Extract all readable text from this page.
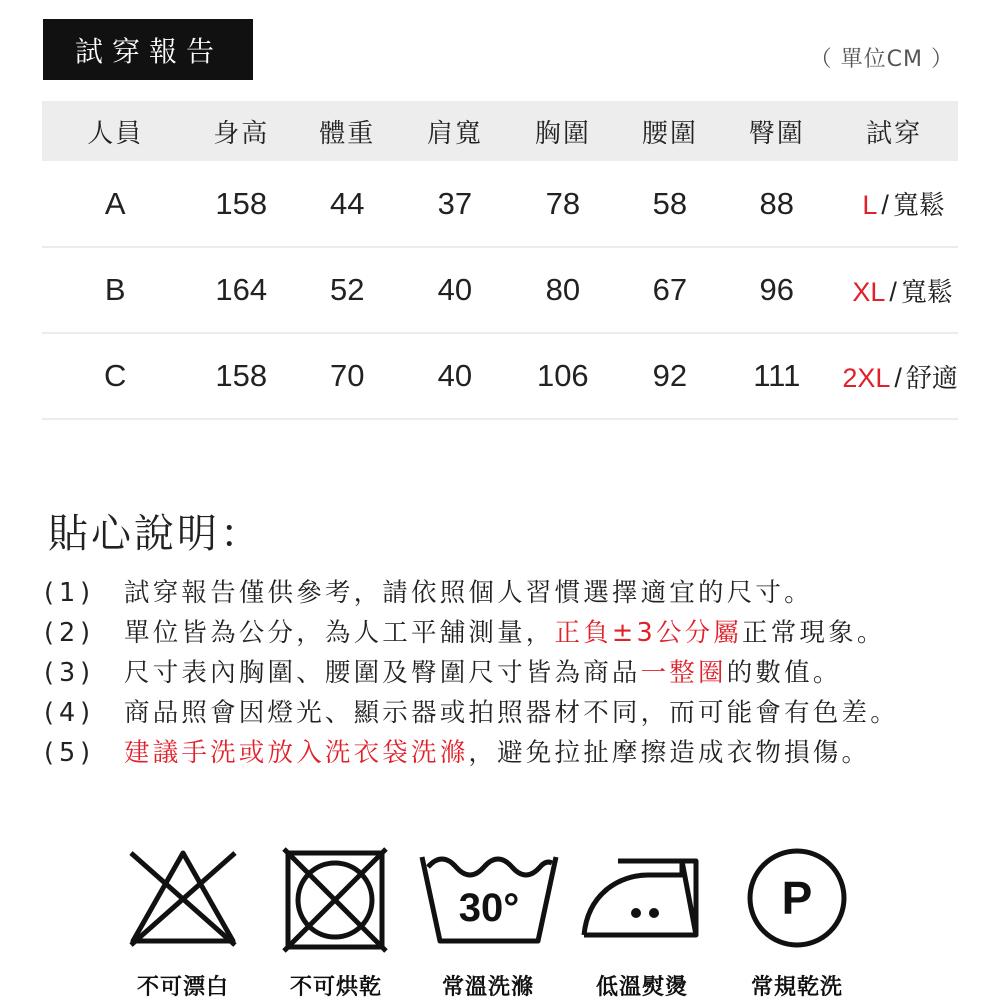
試穿報告	（ 單位CM ）
人員	身高	體重	肩寬	胸圍	腰圍	臀圍	試穿
A	158	44	37	78	58	88	L / 寬鬆
B	164	52	40	80	67	96	XL / 寬鬆
C	158	70	40	106	92	111	2XL / 舒適
貼心說明：
(1) 試穿報告僅供參考，請依照個人習慣選擇適宜的尺寸。
(2) 單位皆為公分，為人工平舖測量，正負±3公分屬正常現象。
(3) 尺寸表內胸圍、腰圍及臀圍尺寸皆為商品一整圈的數值。
(4) 商品照會因燈光、顯示器或拍照器材不同，而可能會有色差。
(5) 建議手洗或放入洗衣袋洗滌，避免拉扯摩擦造成衣物損傷。
不可漂白	不可烘乾
30°
常溫洗滌	低溫熨燙
P
常規乾洗
